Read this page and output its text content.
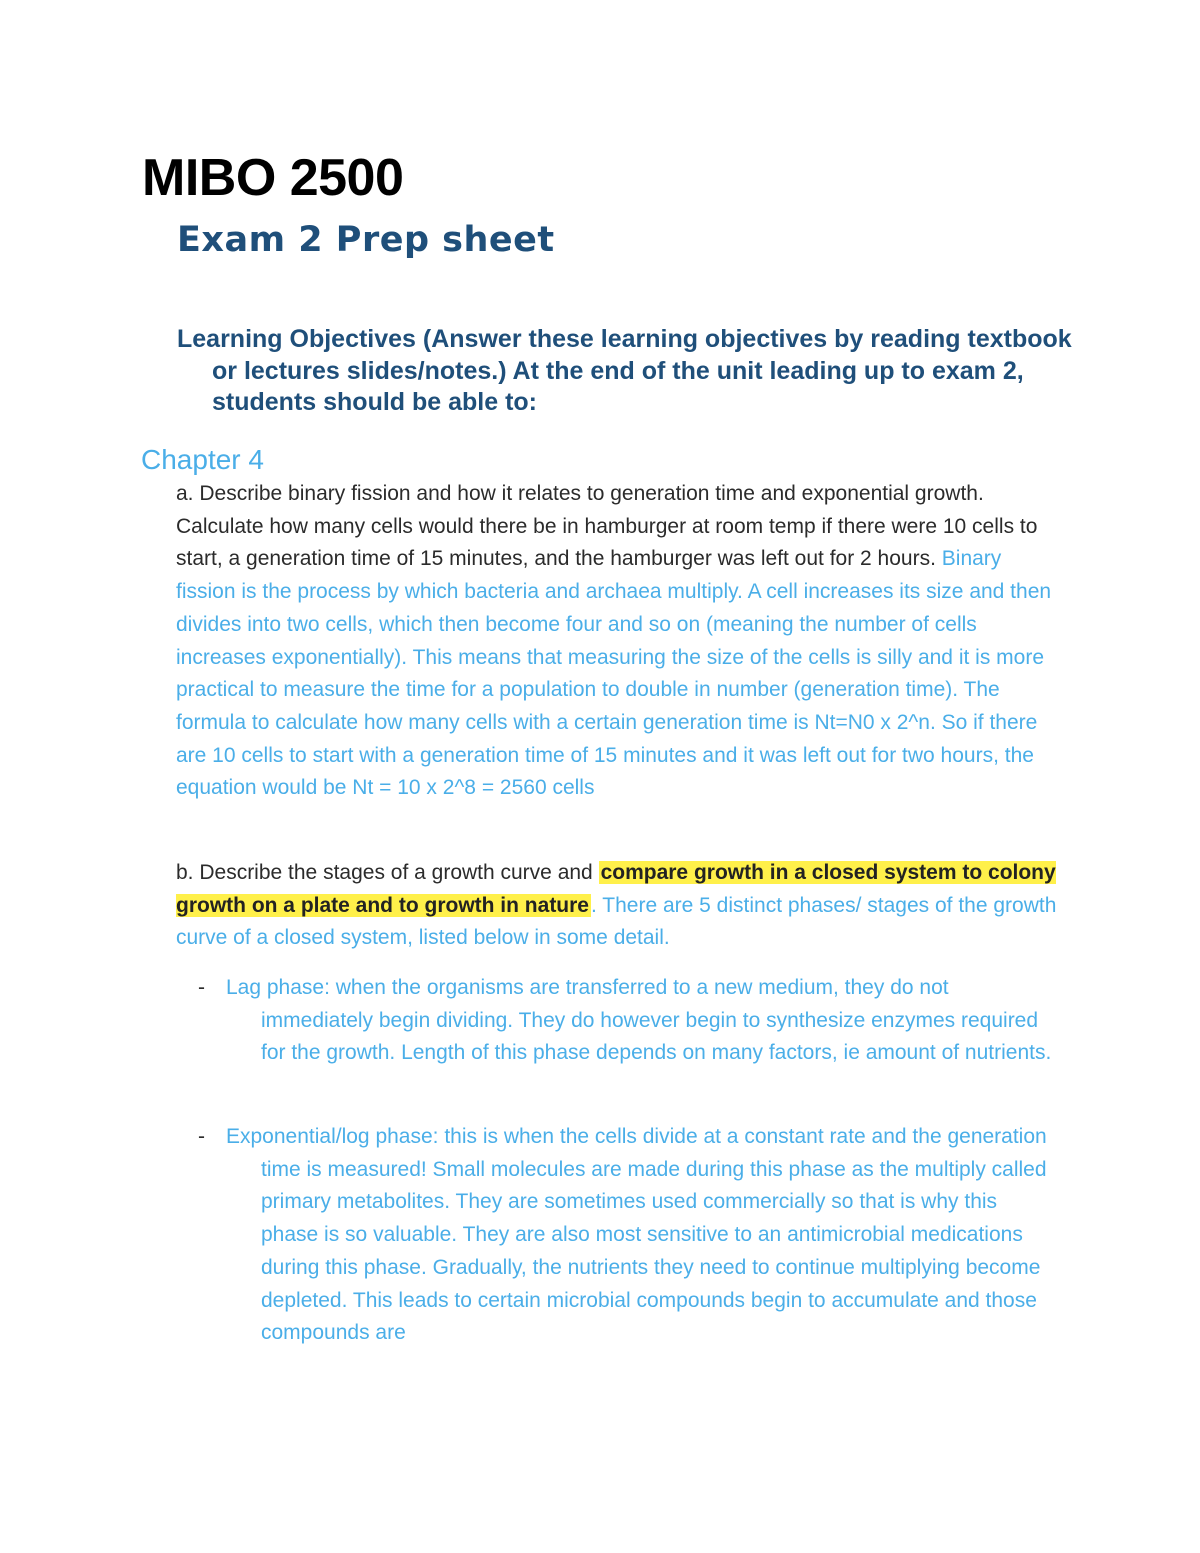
MIBO 2500
Exam 2 Prep sheet

Learning Objectives (Answer these learning objectives by reading textbook or lectures slides/notes.) At the end of the unit leading up to exam 2, students should be able to:

Chapter 4

a. Describe binary fission and how it relates to generation time and exponential growth. Calculate how many cells would there be in hamburger at room temp if there were 10 cells to start, a generation time of 15 minutes, and the hamburger was left out for 2 hours. Binary fission is the process by which bacteria and archaea multiply. A cell increases its size and then divides into two cells, which then become four and so on (meaning the number of cells increases exponentially). This means that measuring the size of the cells is silly and it is more practical to measure the time for a population to double in number (generation time). The formula to calculate how many cells with a certain generation time is Nt=N0 x 2^n. So if there are 10 cells to start with a generation time of 15 minutes and it was left out for two hours, the equation would be Nt = 10 x 2^8 = 2560 cells

b. Describe the stages of a growth curve and compare growth in a closed system to colony growth on a plate and to growth in nature. There are 5 distinct phases/ stages of the growth curve of a closed system, listed below in some detail.

-	Lag phase: when the organisms are transferred to a new medium, they do not immediately begin dividing. They do however begin to synthesize enzymes required for the growth. Length of this phase depends on many factors, ie amount of nutrients.
-	Exponential/log phase: this is when the cells divide at a constant rate and the generation time is measured! Small molecules are made during this phase as the multiply called primary metabolites. They are sometimes used commercially so that is why this phase is so valuable. They are also most sensitive to an antimicrobial medications during this phase. Gradually, the nutrients they need to continue multiplying become depleted. This leads to certain microbial compounds begin to accumulate and those compounds are
